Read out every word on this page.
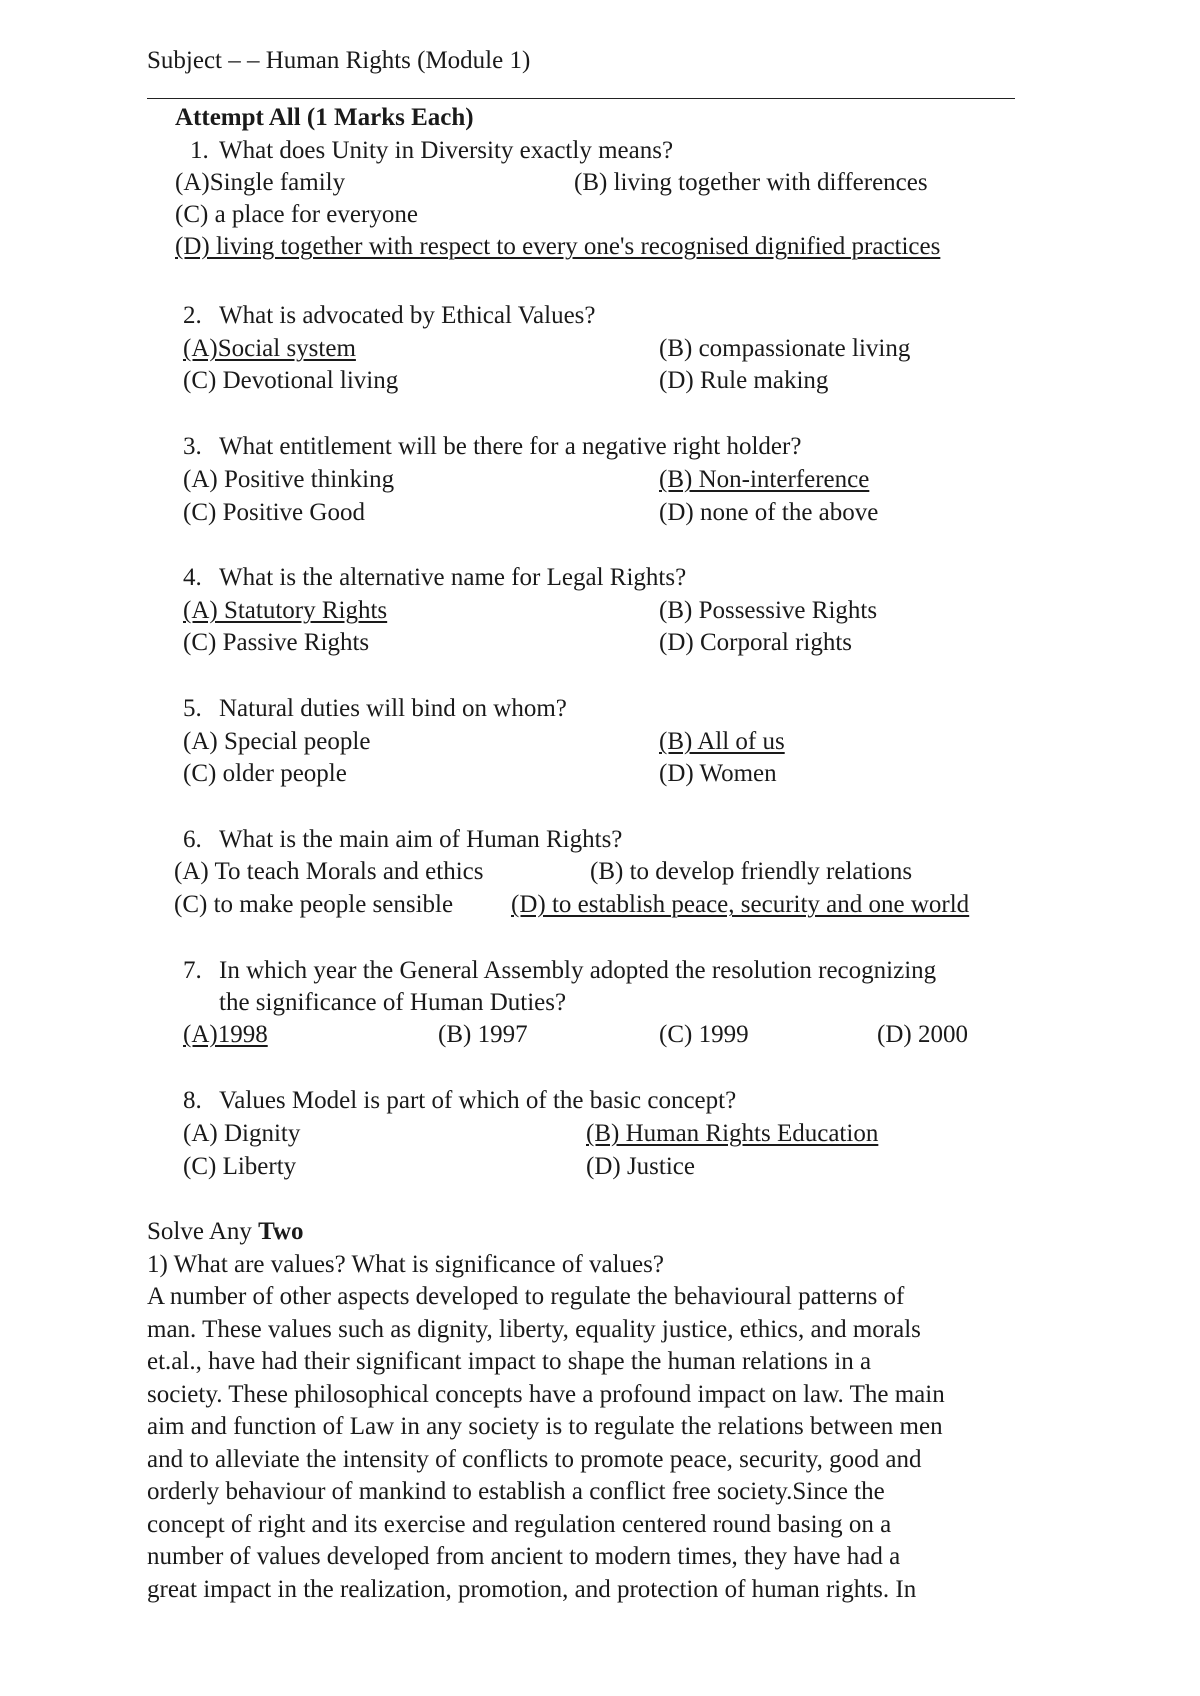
Subject – – Human Rights (Module 1)
Attempt All (1 Marks Each)
1. What does Unity in Diversity exactly means?
(A)Single family	(B) living together with differences
(C) a place for everyone
(D) living together with respect to every one's recognised dignified practices
2. What is advocated by Ethical Values?
(A)Social system	(B) compassionate living
(C) Devotional living	(D) Rule making
3. What entitlement will be there for a negative right holder?
(A) Positive thinking	(B) Non-interference
(C) Positive Good	(D) none of the above
4. What is the alternative name for Legal Rights?
(A) Statutory Rights	(B) Possessive Rights
(C) Passive Rights	(D) Corporal rights
5. Natural duties will bind on whom?
(A) Special people	(B) All of us
(C) older people	(D) Women
6. What is the main aim of Human Rights?
(A) To teach Morals and ethics	(B) to develop friendly relations
(C) to make people sensible (D) to establish peace, security and one world
7. In which year the General Assembly adopted the resolution recognizing
the significance of Human Duties?
(A)1998	(B) 1997	(C) 1999	(D) 2000
8. Values Model is part of which of the basic concept?
(A) Dignity	(B) Human Rights Education
(C) Liberty	(D) Justice
Solve Any Two
1) What are values? What is significance of values?
A number of other aspects developed to regulate the behavioural patterns of
man. These values such as dignity, liberty, equality justice, ethics, and morals
et.al., have had their significant impact to shape the human relations in a
society. These philosophical concepts have a profound impact on law. The main
aim and function of Law in any society is to regulate the relations between men
and to alleviate the intensity of conflicts to promote peace, security, good and
orderly behaviour of mankind to establish a conflict free society.Since the
concept of right and its exercise and regulation centered round basing on a
number of values developed from ancient to modern times, they have had a
great impact in the realization, promotion, and protection of human rights. In
